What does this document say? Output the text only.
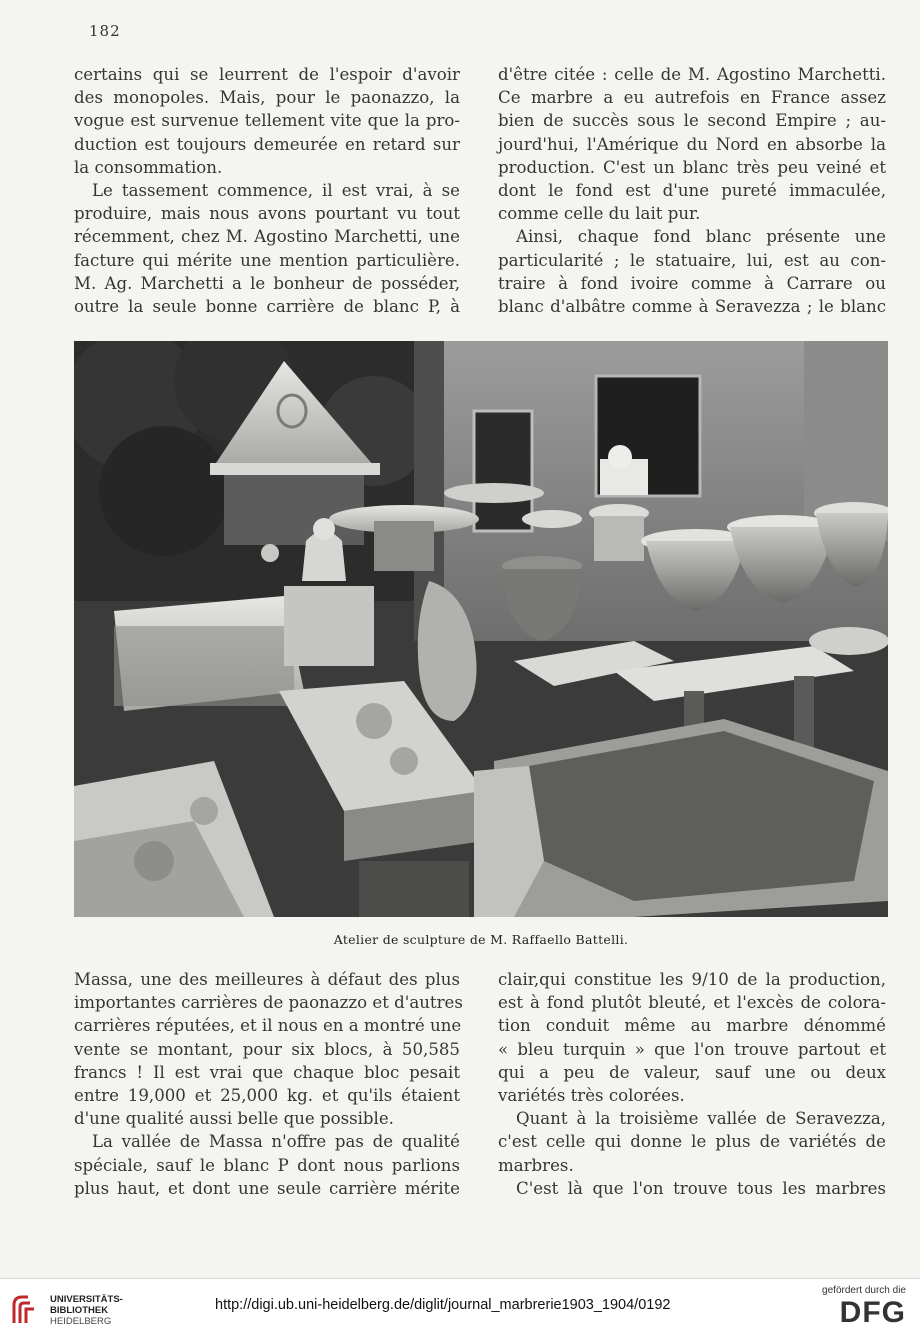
182

certains qui se leurrent de l'espoir d'avoir

des monopoles. Mais, pour le paonazzo, la

vogue est survenue tellement vite que la pro-

duction est toujours demeurée en retard sur

la consommation.

Le tassement commence, il est vrai, à se

produire, mais nous avons pourtant vu tout

récemment, chez M. Agostino Marchetti, une

facture qui mérite une mention particulière.

M. Ag. Marchetti a le bonheur de posséder,

outre la seule bonne carrière de blanc P, à

d'être citée : celle de M. Agostino Marchetti.

Ce marbre a eu autrefois en France assez

bien de succès sous le second Empire ; au-

jourd'hui, l'Amérique du Nord en absorbe la

production. C'est un blanc très peu veiné et

dont le fond est d'une pureté immaculée,

comme celle du lait pur.

Ainsi, chaque fond blanc présente une

particularité ; le statuaire, lui, est au con-

traire à fond ivoire comme à Carrare ou

blanc d'albâtre comme à Seravezza ; le blanc

Atelier de sculpture de M. Raffaello Battelli.

Massa, une des meilleures à défaut des plus

importantes carrières de paonazzo et d'autres

carrières réputées, et il nous en a montré une

vente se montant, pour six blocs, à 50,585

francs ! Il est vrai que chaque bloc pesait

entre 19,000 et 25,000 kg. et qu'ils étaient

d'une qualité aussi belle que possible.

La vallée de Massa n'offre pas de qualité

spéciale, sauf le blanc P dont nous parlions

plus haut, et dont une seule carrière mérite

clair,qui constitue les 9/10 de la production,

est à fond plutôt bleuté, et l'excès de colora-

tion conduit même au marbre dénommé

« bleu turquin » que l'on trouve partout et

qui a peu de valeur, sauf une ou deux

variétés très colorées.

Quant à la troisième vallée de Seravezza,

c'est celle qui donne le plus de variétés de

marbres.

C'est là que l'on trouve tous les marbres

UNIVERSITÄTS-
BIBLIOTHEK
HEIDELBERG
http://digi.ub.uni-heidelberg.de/diglit/journal_marbrerie1903_1904/0192
gefördert durch die
DFG
